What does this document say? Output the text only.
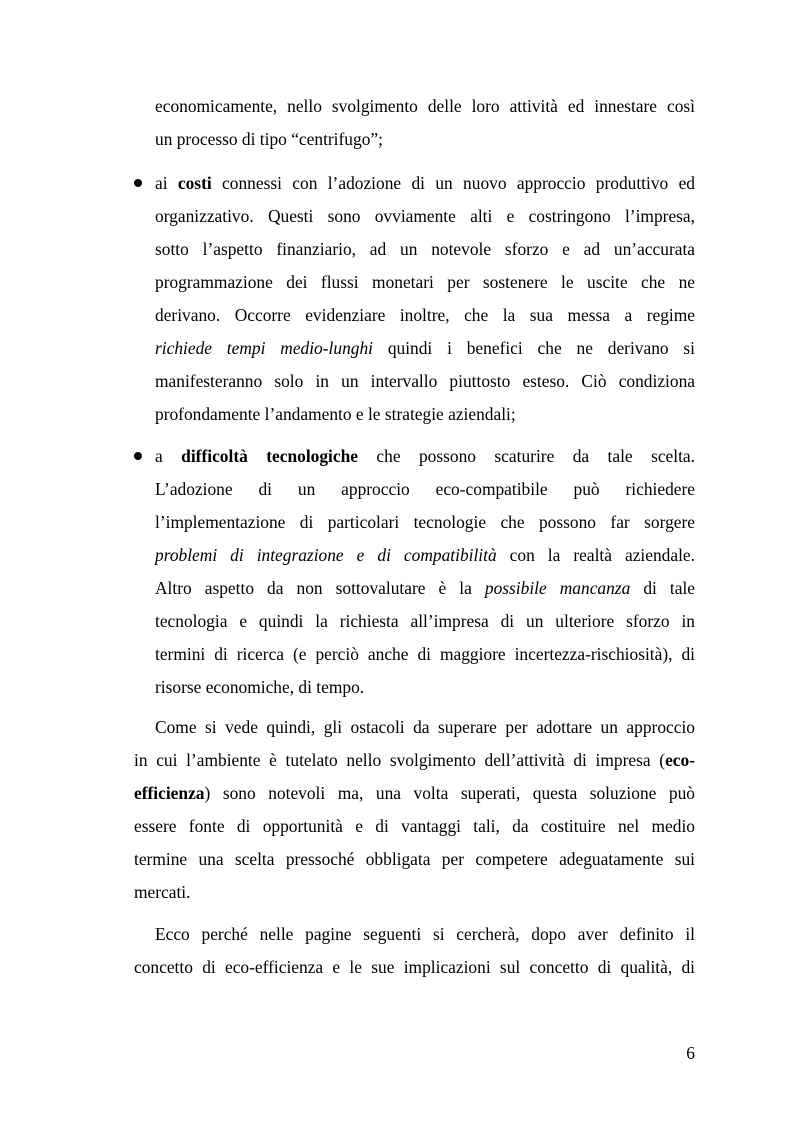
economicamente, nello svolgimento delle loro attività ed innestare così
un processo di tipo “centrifugo”;
ai costi connessi con l’adozione di un nuovo approccio produttivo ed
organizzativo. Questi sono ovviamente alti e costringono l’impresa,
sotto l’aspetto finanziario, ad un notevole sforzo e ad un’accurata
programmazione dei flussi monetari per sostenere le uscite che ne
derivano. Occorre evidenziare inoltre, che la sua messa a regime
richiede tempi medio-lunghi quindi i benefici che ne derivano si
manifesteranno solo in un intervallo piuttosto esteso. Ciò condiziona
profondamente l’andamento e le strategie aziendali;
a difficoltà tecnologiche che possono scaturire da tale scelta.
L’adozione di un approccio eco-compatibile può richiedere
l’implementazione di particolari tecnologie che possono far sorgere
problemi di integrazione e di compatibilità con la realtà aziendale.
Altro aspetto da non sottovalutare è la possibile mancanza di tale
tecnologia e quindi la richiesta all’impresa di un ulteriore sforzo in
termini di ricerca (e perciò anche di maggiore incertezza-rischiosità), di
risorse economiche, di tempo.
Come si vede quindi, gli ostacoli da superare per adottare un approccio
in cui l’ambiente è tutelato nello svolgimento dell’attività di impresa (eco-
efficienza) sono notevoli ma, una volta superati, questa soluzione può
essere fonte di opportunità e di vantaggi tali, da costituire nel medio
termine una scelta pressoché obbligata per competere adeguatamente sui
mercati.
Ecco perché nelle pagine seguenti si cercherà, dopo aver definito il
concetto di eco-efficienza e le sue implicazioni sul concetto di qualità, di
6
